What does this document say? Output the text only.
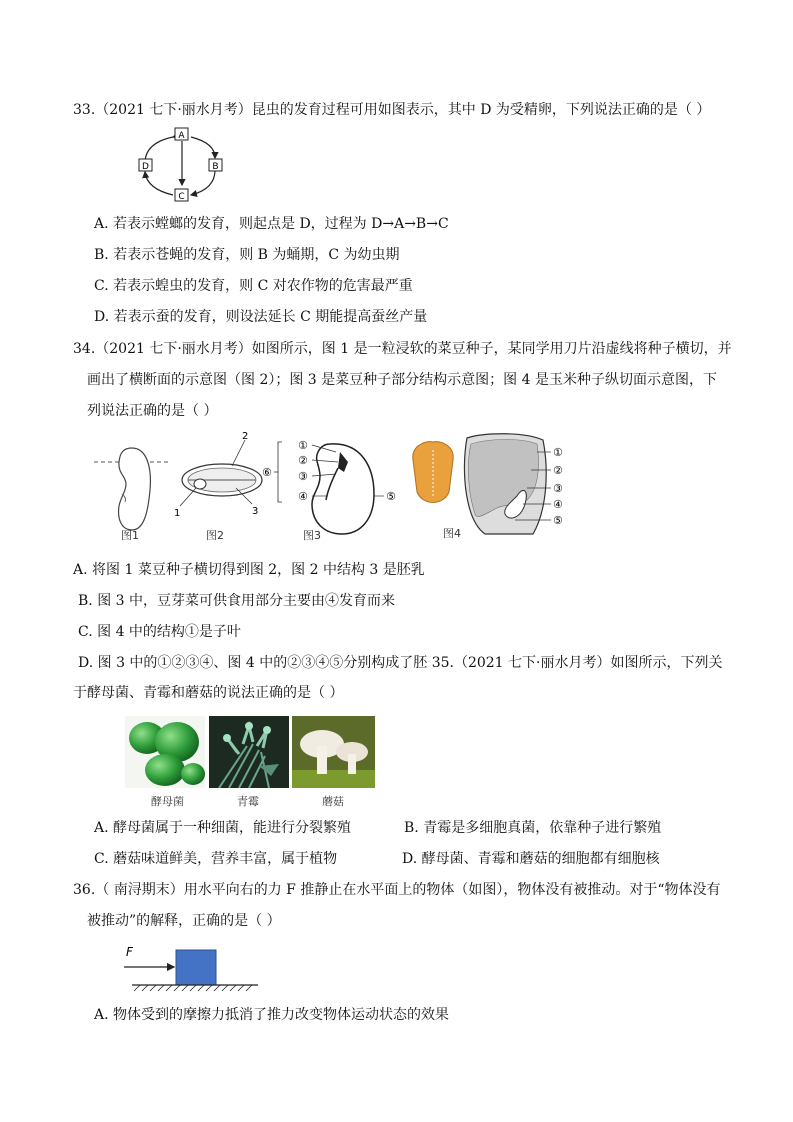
33.（2021 七下·丽水月考）昆虫的发育过程可用如图表示，其中 D 为受精卵，下列说法正确的是（ ）
A
B
C
D
A. 若表示螳螂的发育，则起点是 D，过程为 D→A→B→C
B. 若表示苍蝇的发育，则 B 为蛹期，C 为幼虫期
C. 若表示蝗虫的发育，则 C 对农作物的危害最严重
D. 若表示蚕的发育，则设法延长 C 期能提高蚕丝产量
34.（2021 七下·丽水月考）如图所示，图 1 是一粒浸软的菜豆种子，某同学用刀片沿虚线将种子横切，并
画出了横断面的示意图（图 2）；图 3 是菜豆种子部分结构示意图；图 4 是玉米种子纵切面示意图，下
列说法正确的是（ ）
图1
2
1	3
图2
①
②
③
④	⑤
⑥
图3
①
②
③
④
⑤
图4
A. 将图 1 菜豆种子横切得到图 2，图 2 中结构 3 是胚乳
B. 图 3 中，豆芽菜可供食用部分主要由④发育而来
C. 图 4 中的结构①是子叶
D. 图 3 中的①②③④、图 4 中的②③④⑤分别构成了胚 35.（2021 七下·丽水月考）如图所示，下列关
于酵母菌、青霉和蘑菇的说法正确的是（ ）
酵母菌	青霉	蘑菇
A. 酵母菌属于一种细菌，能进行分裂繁殖	B. 青霉是多细胞真菌，依靠种子进行繁殖
C. 蘑菇味道鲜美，营养丰富，属于植物	D. 酵母菌、青霉和蘑菇的细胞都有细胞核
36.（ 南浔期末）用水平向右的力 F 推静止在水平面上的物体（如图），物体没有被推动。对于“物体没有
被推动”的解释，正确的是（ ）
F
A. 物体受到的摩擦力抵消了推力改变物体运动状态的效果
